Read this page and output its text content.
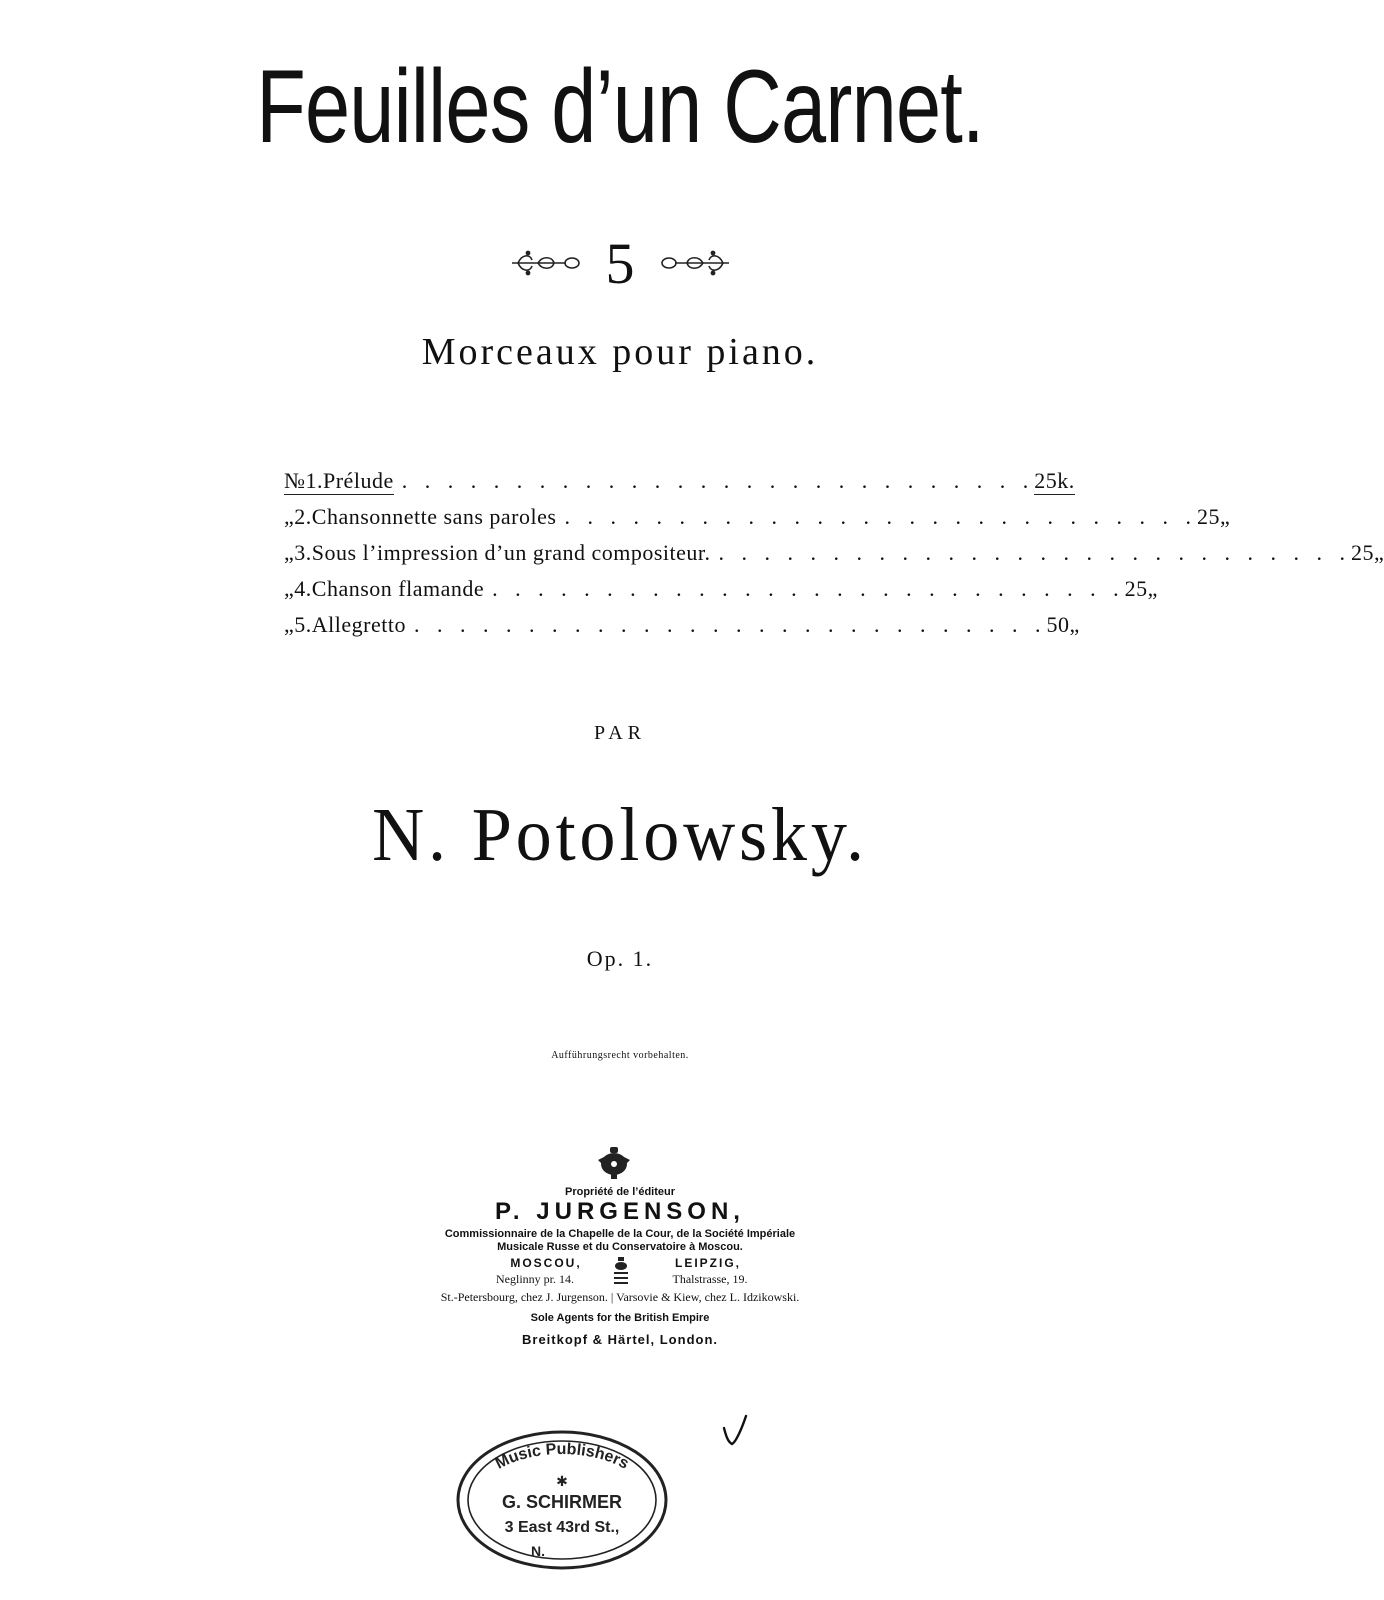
Feuilles d’un Carnet.
5
Morceaux pour piano.
№ 1. Prélude . . . . . . . . . . . . . . . . . . . . . . . . . . . . 25 k.
„ 2. Chansonnette sans paroles . . . . . . . . . . . . . . . . . . . . . . . . . . . . 25 „
„ 3. Sous l’impression d’un grand compositeur. . . . . . . . . . . . . . . . . . . . . . . . . . . . . 25 „
„ 4. Chanson flamande . . . . . . . . . . . . . . . . . . . . . . . . . . . . 25 „
„ 5. Allegretto . . . . . . . . . . . . . . . . . . . . . . . . . . . . 50 „
PAR
N. Potolowsky.
Op. 1.
Aufführungsrecht vorbehalten.
Propriété de l’éditeur
P. JURGENSON,
Commissionnaire de la Chapelle de la Cour, de la Société Impériale
Musicale Russe et du Conservatoire à Moscou.
MOSCOU,	LEIPZIG,
Neglinny pr. 14.	Thalstrasse, 19.
St.-Petersbourg, chez J. Jurgenson. | Varsovie & Kiew, chez L. Idzikowski.
Sole Agents for the British Empire
Breitkopf & Härtel, London.
Music Publishers
✱
G. SCHIRMER
3 East 43rd St.,
N.
